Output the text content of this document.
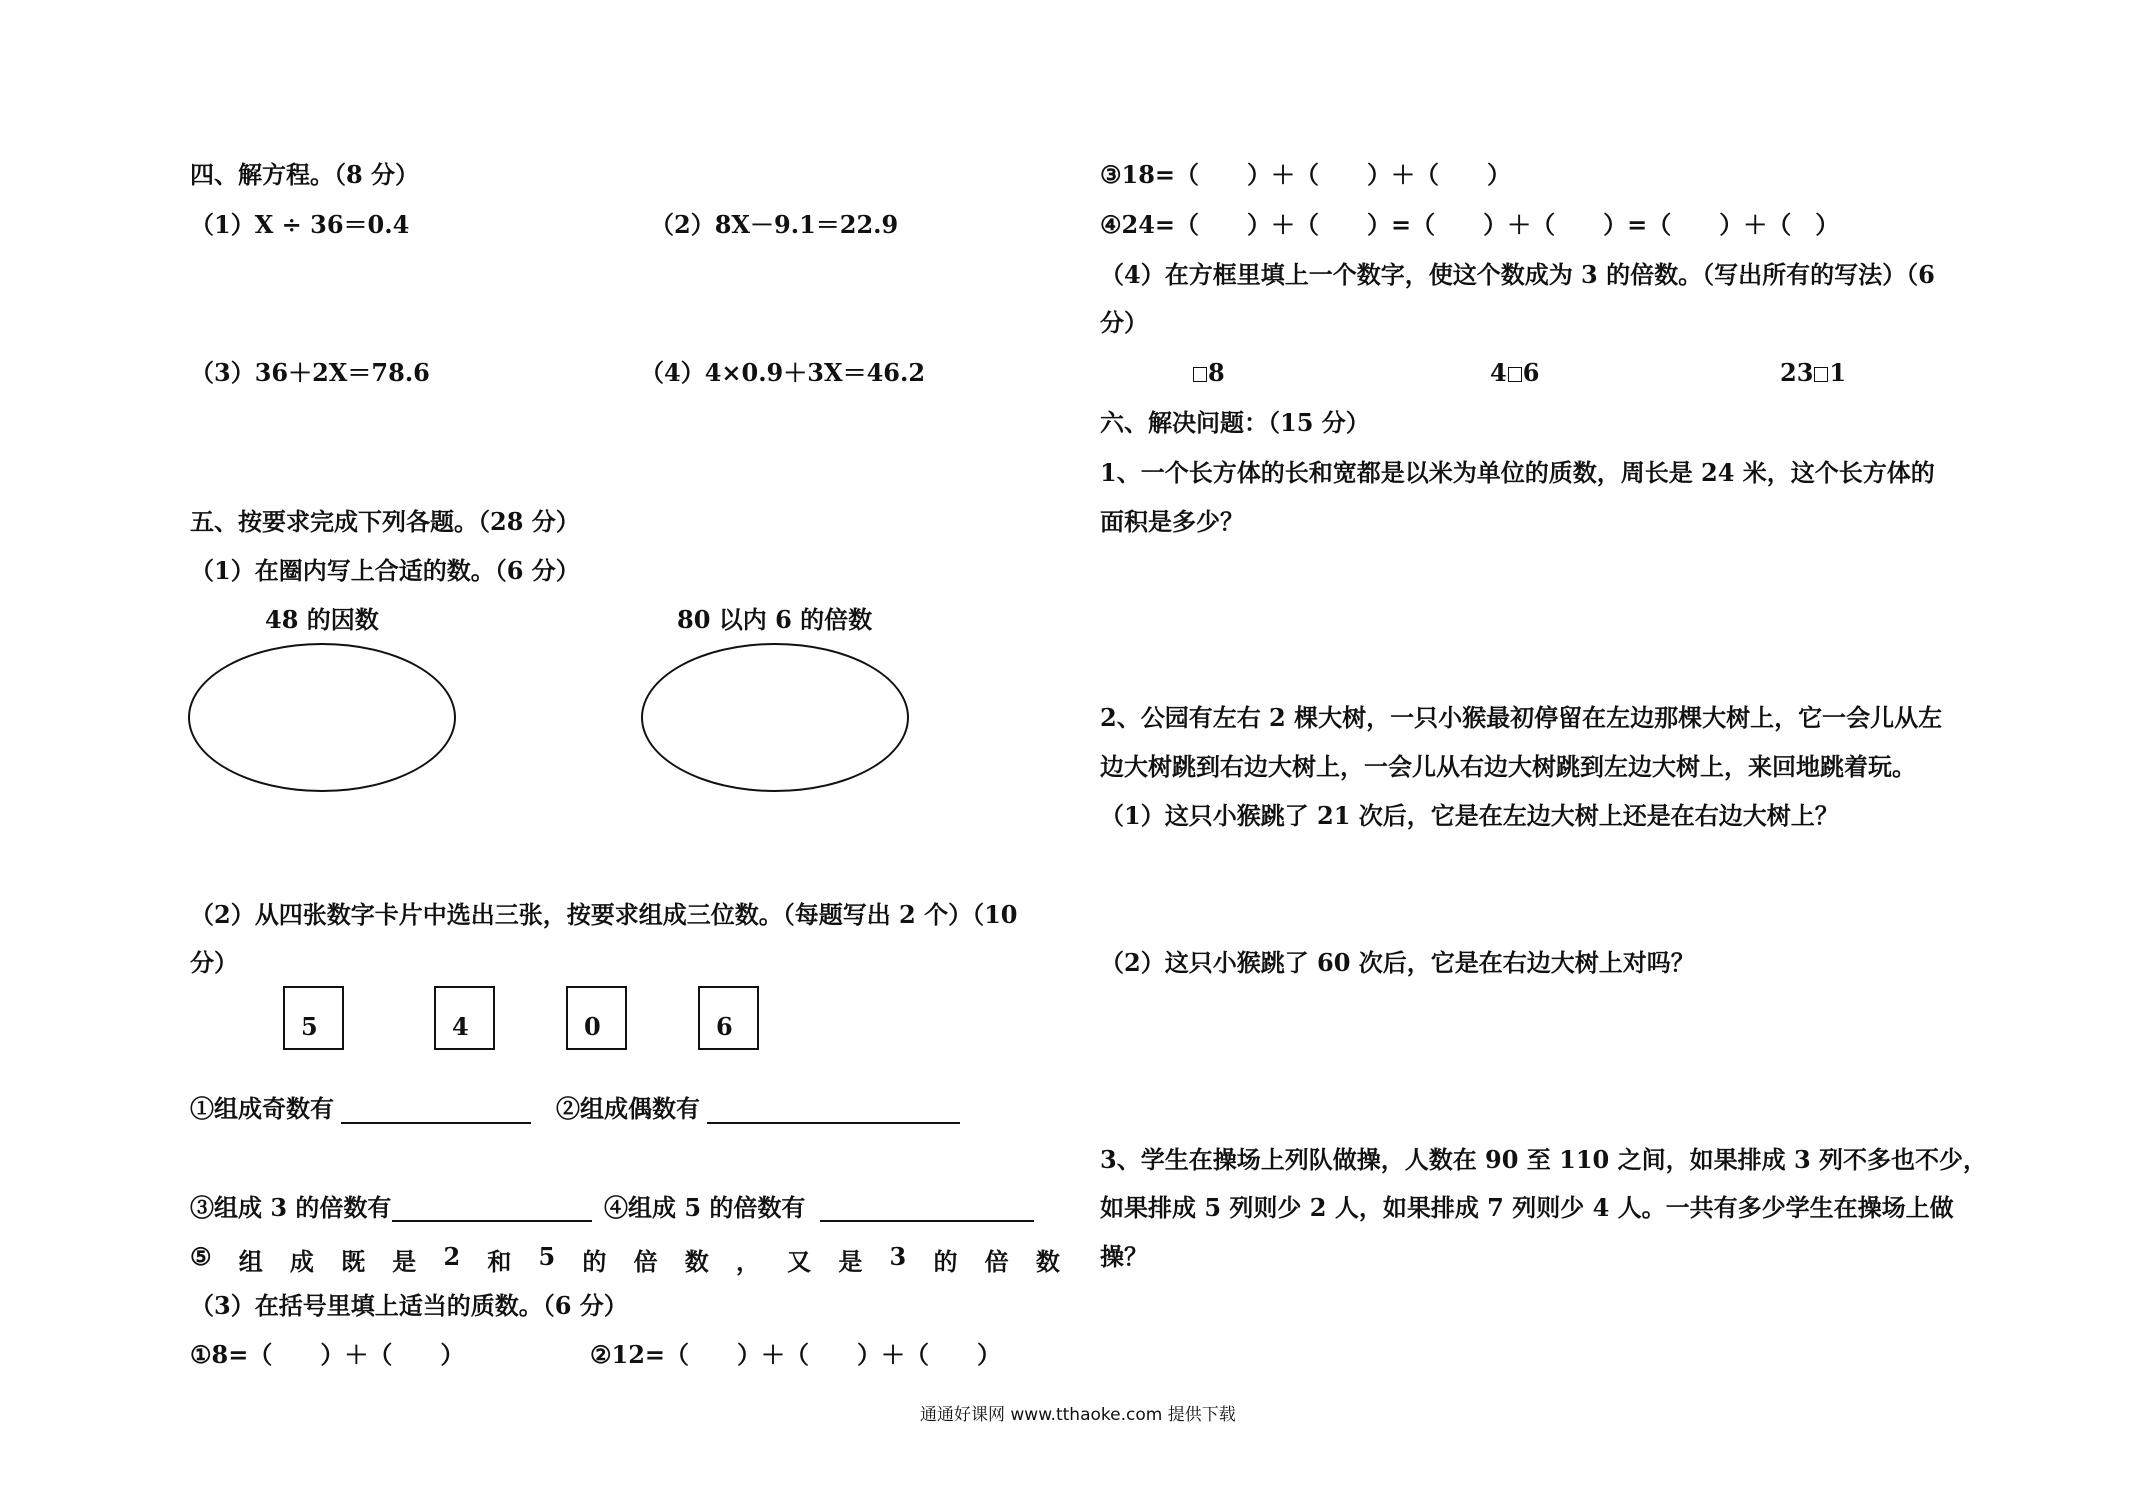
四、解方程。（8 分）
（1）X ÷ 36＝0.4	（2）8X－9.1＝22.9
（3）36＋2X＝78.6	（4）4×0.9＋3X＝46.2
五、按要求完成下列各题。（28 分）
（1）在圈内写上合适的数。（6 分）
48 的因数	80 以内 6 的倍数
（2）从四张数字卡片中选出三张，按要求组成三位数。（每题写出 2 个）（10
分）
5	4	0	6
①组成奇数有	②组成偶数有
③组成 3 的倍数有	④组成 5 的倍数有
⑤ 组 成 既 是 2 和 5 的 倍 数 ， 又 是 3 的 倍 数
（3）在括号里填上适当的质数。（6 分）
①8=（　　）＋（　　）	②12=（　　）＋（　　）＋（　　）
③18=（　　）＋（　　）＋（　　）
④24=（　　）＋（　　）=（　　）＋（　　）=（　　）＋（　）
（4）在方框里填上一个数字，使这个数成为 3 的倍数。（写出所有的写法）（6
分）
8	4 6	23 1
六、解决问题：（15 分）
1、一个长方体的长和宽都是以米为单位的质数，周长是 24 米，这个长方体的
面积是多少？
2、公园有左右 2 棵大树，一只小猴最初停留在左边那棵大树上，它一会儿从左
边大树跳到右边大树上，一会儿从右边大树跳到左边大树上，来回地跳着玩。
（1）这只小猴跳了 21 次后，它是在左边大树上还是在右边大树上？
（2）这只小猴跳了 60 次后，它是在右边大树上对吗？
3、学生在操场上列队做操，人数在 90 至 110 之间，如果排成 3 列不多也不少，
如果排成 5 列则少 2 人，如果排成 7 列则少 4 人。一共有多少学生在操场上做
操？
通通好课网 www.tthaoke.com 提供下载
